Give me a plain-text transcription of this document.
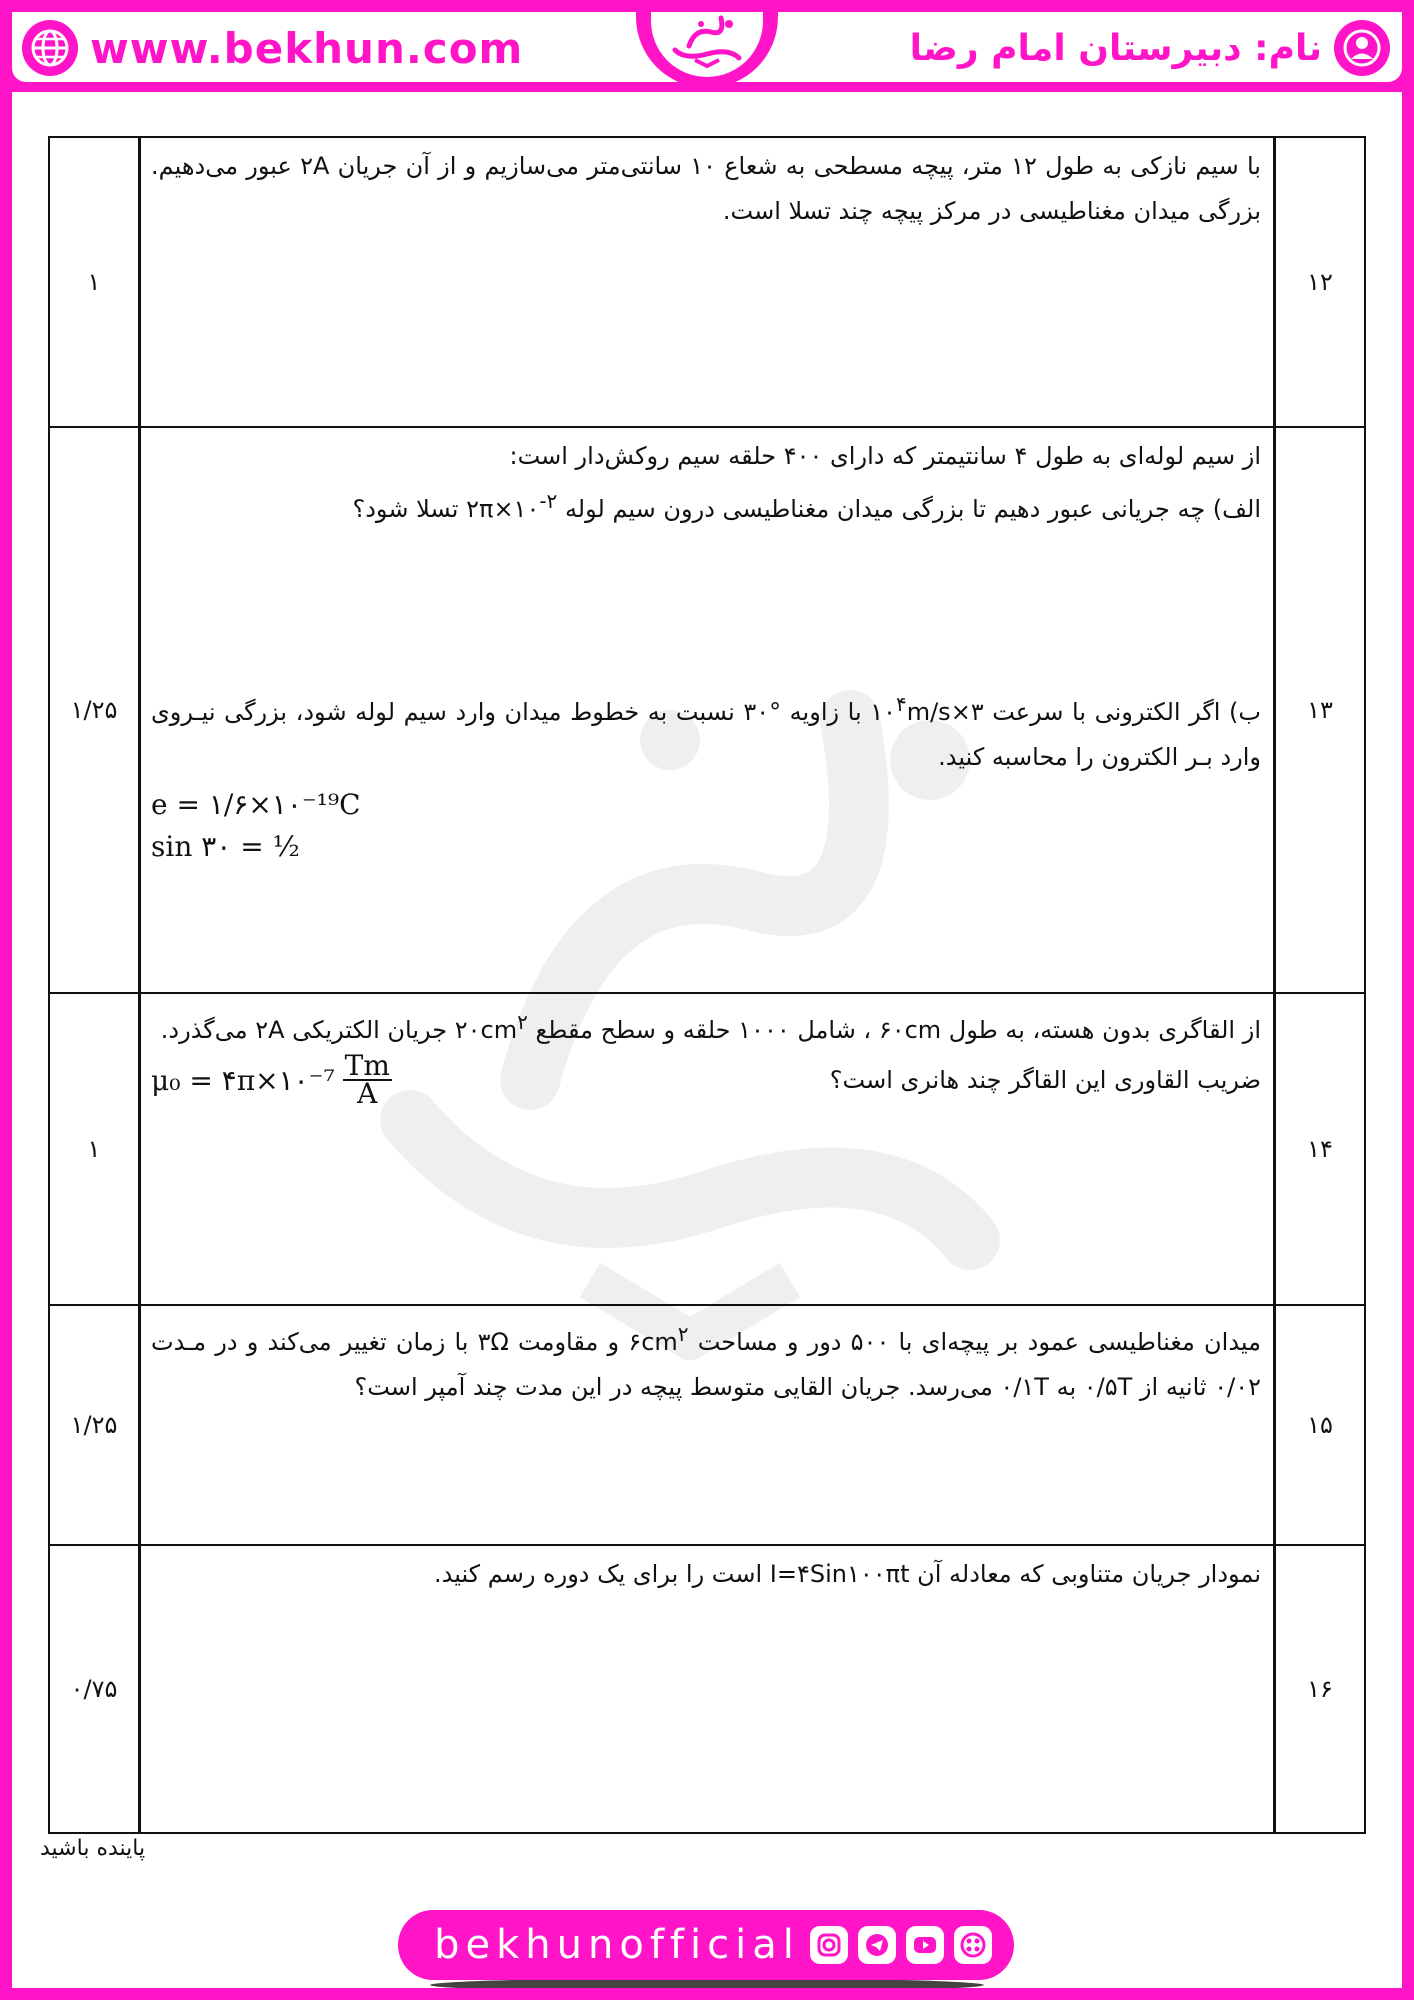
www.bekhun.com	نام: دبیرستان امام رضا
۱۲	با سیم نازکی به طول ۱۲ متر، پیچه مسطحی به شعاع ۱۰ سانتی‌متر می‌سازیم و از آن جریان ۲A عبور می‌دهیم. بزرگی میدان مغناطیسی در مرکز پیچه چند تسلا است.	۱
۱۳	از سیم لوله‌ای به طول ۴ سانتیمتر که دارای ۴۰۰ حلقه سیم روکش‌دار است:
الف) چه جریانی عبور دهیم تا بزرگی میدان مغناطیسی درون سیم لوله $۲\pi\times ۱۰^{-۲}$ تسلا شود؟
ب) اگر الکترونی با سرعت $۳\times ۱۰^۴m/s$ با زاویه °۳۰ نسبت به خطوط میدان وارد سیم لوله شود، بزرگی نیـروی وارد بـر الکترون را محاسبه کنید.
e = ۱/۶×۱۰⁻¹⁹C
sin ۳۰ = ½	۱/۲۵
۱۴	از القاگری بدون هسته، به طول ۶۰cm ، شامل ۱۰۰۰ حلقه و سطح مقطع $۲۰cm^۲$ جریان الکتریکی ۲A می‌گذرد.
ضریب القاوری این القاگر چند هانری است؟
μ₀ = ۴π×۱۰⁻⁷ $\frac{Tm}{A}$	۱
۱۵	میدان مغناطیسی عمود بر پیچه‌ای با ۵۰۰ دور و مساحت $۶cm^۲$ و مقاومت ۳Ω با زمان تغییر می‌کند و در مـدت ۰/۰۲ ثانیه از ۰/۵T به ۰/۱T می‌رسد. جریان القایی متوسط پیچه در این مدت چند آمپر است؟	۱/۲۵
۱۶	نمودار جریان متناوبی که معادله آن I=۴Sin۱۰۰πt است را برای یک دوره رسم کنید.	۰/۷۵
پاینده باشید
bekhunofficial
